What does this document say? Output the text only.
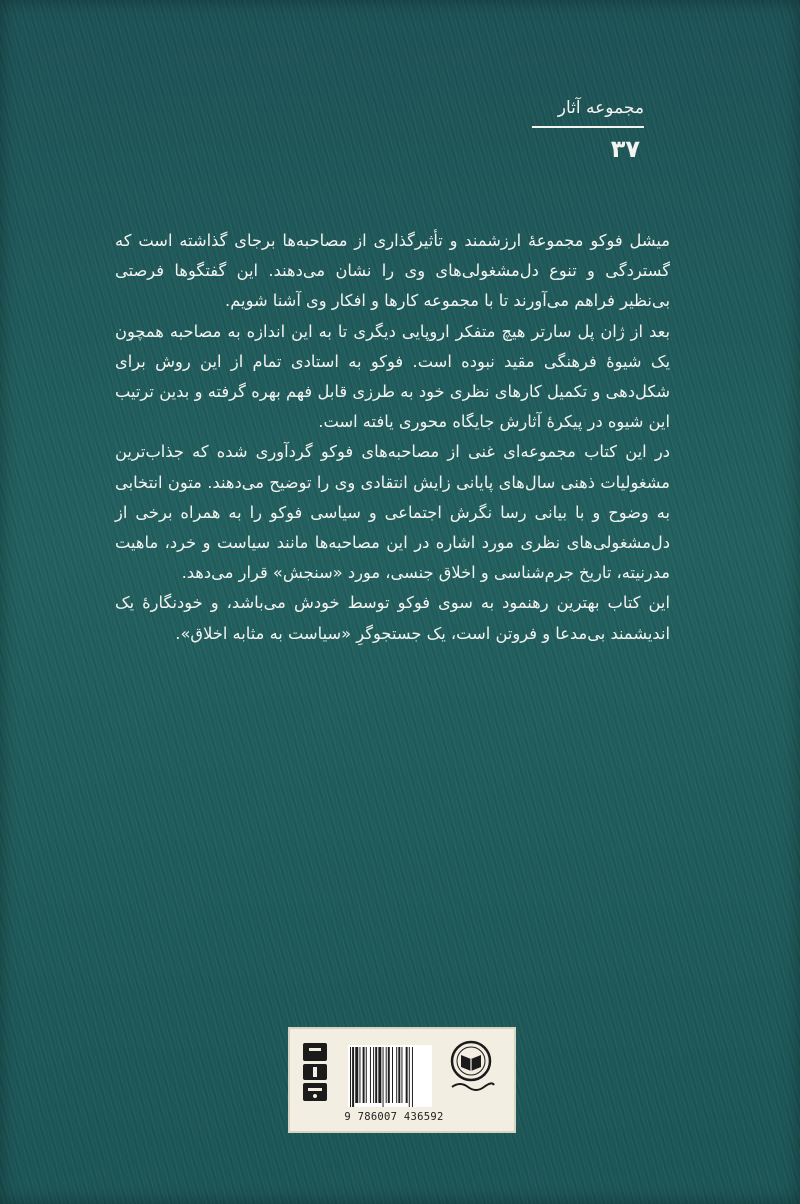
مجموعه آثار
۳۷

میشل فوکو مجموعهٔ ارزشمند و تأثیرگذاری از مصاحبه‌ها برجای گذاشته است که گستردگی و تنوع دل‌مشغولی‌های وی را نشان می‌دهند. این گفتگوها فرصتی بی‌نظیر فراهم می‌آورند تا با مجموعه کارها و افکار وی آشنا شویم.

بعد از ژان پل سارتر هیچ متفکر اروپایی دیگری تا به این اندازه به مصاحبه همچون یک شیوهٔ فرهنگی مقید نبوده است. فوکو به استادی تمام از این روش برای شکل‌دهی و تکمیل کارهای نظری خود به طرزی قابل فهم بهره گرفته و بدین ترتیب این شیوه در پیکرهٔ آثارش جایگاه محوری یافته است.

در این کتاب مجموعه‌ای غنی از مصاحبه‌های فوکو گردآوری شده که جذاب‌ترین مشغولیات ذهنی سال‌های پایانی زایش انتقادی وی را توضیح می‌دهند. متون انتخابی به وضوح و با بیانی رسا نگرش اجتماعی و سیاسی فوکو را به همراه برخی از دل‌مشغولی‌های نظری مورد اشاره در این مصاحبه‌ها مانند سیاست و خرد، ماهیت مدرنیته، تاریخ جرم‌شناسی و اخلاق جنسی، مورد «سنجش» قرار می‌دهد.

این کتاب بهترین رهنمود به سوی فوکو توسط خودش می‌باشد، و خودنگارهٔ یک اندیشمند بی‌مدعا و فروتن است، یک جستجوگرِ «سیاست به مثابه اخلاق».

9 786007 436592
